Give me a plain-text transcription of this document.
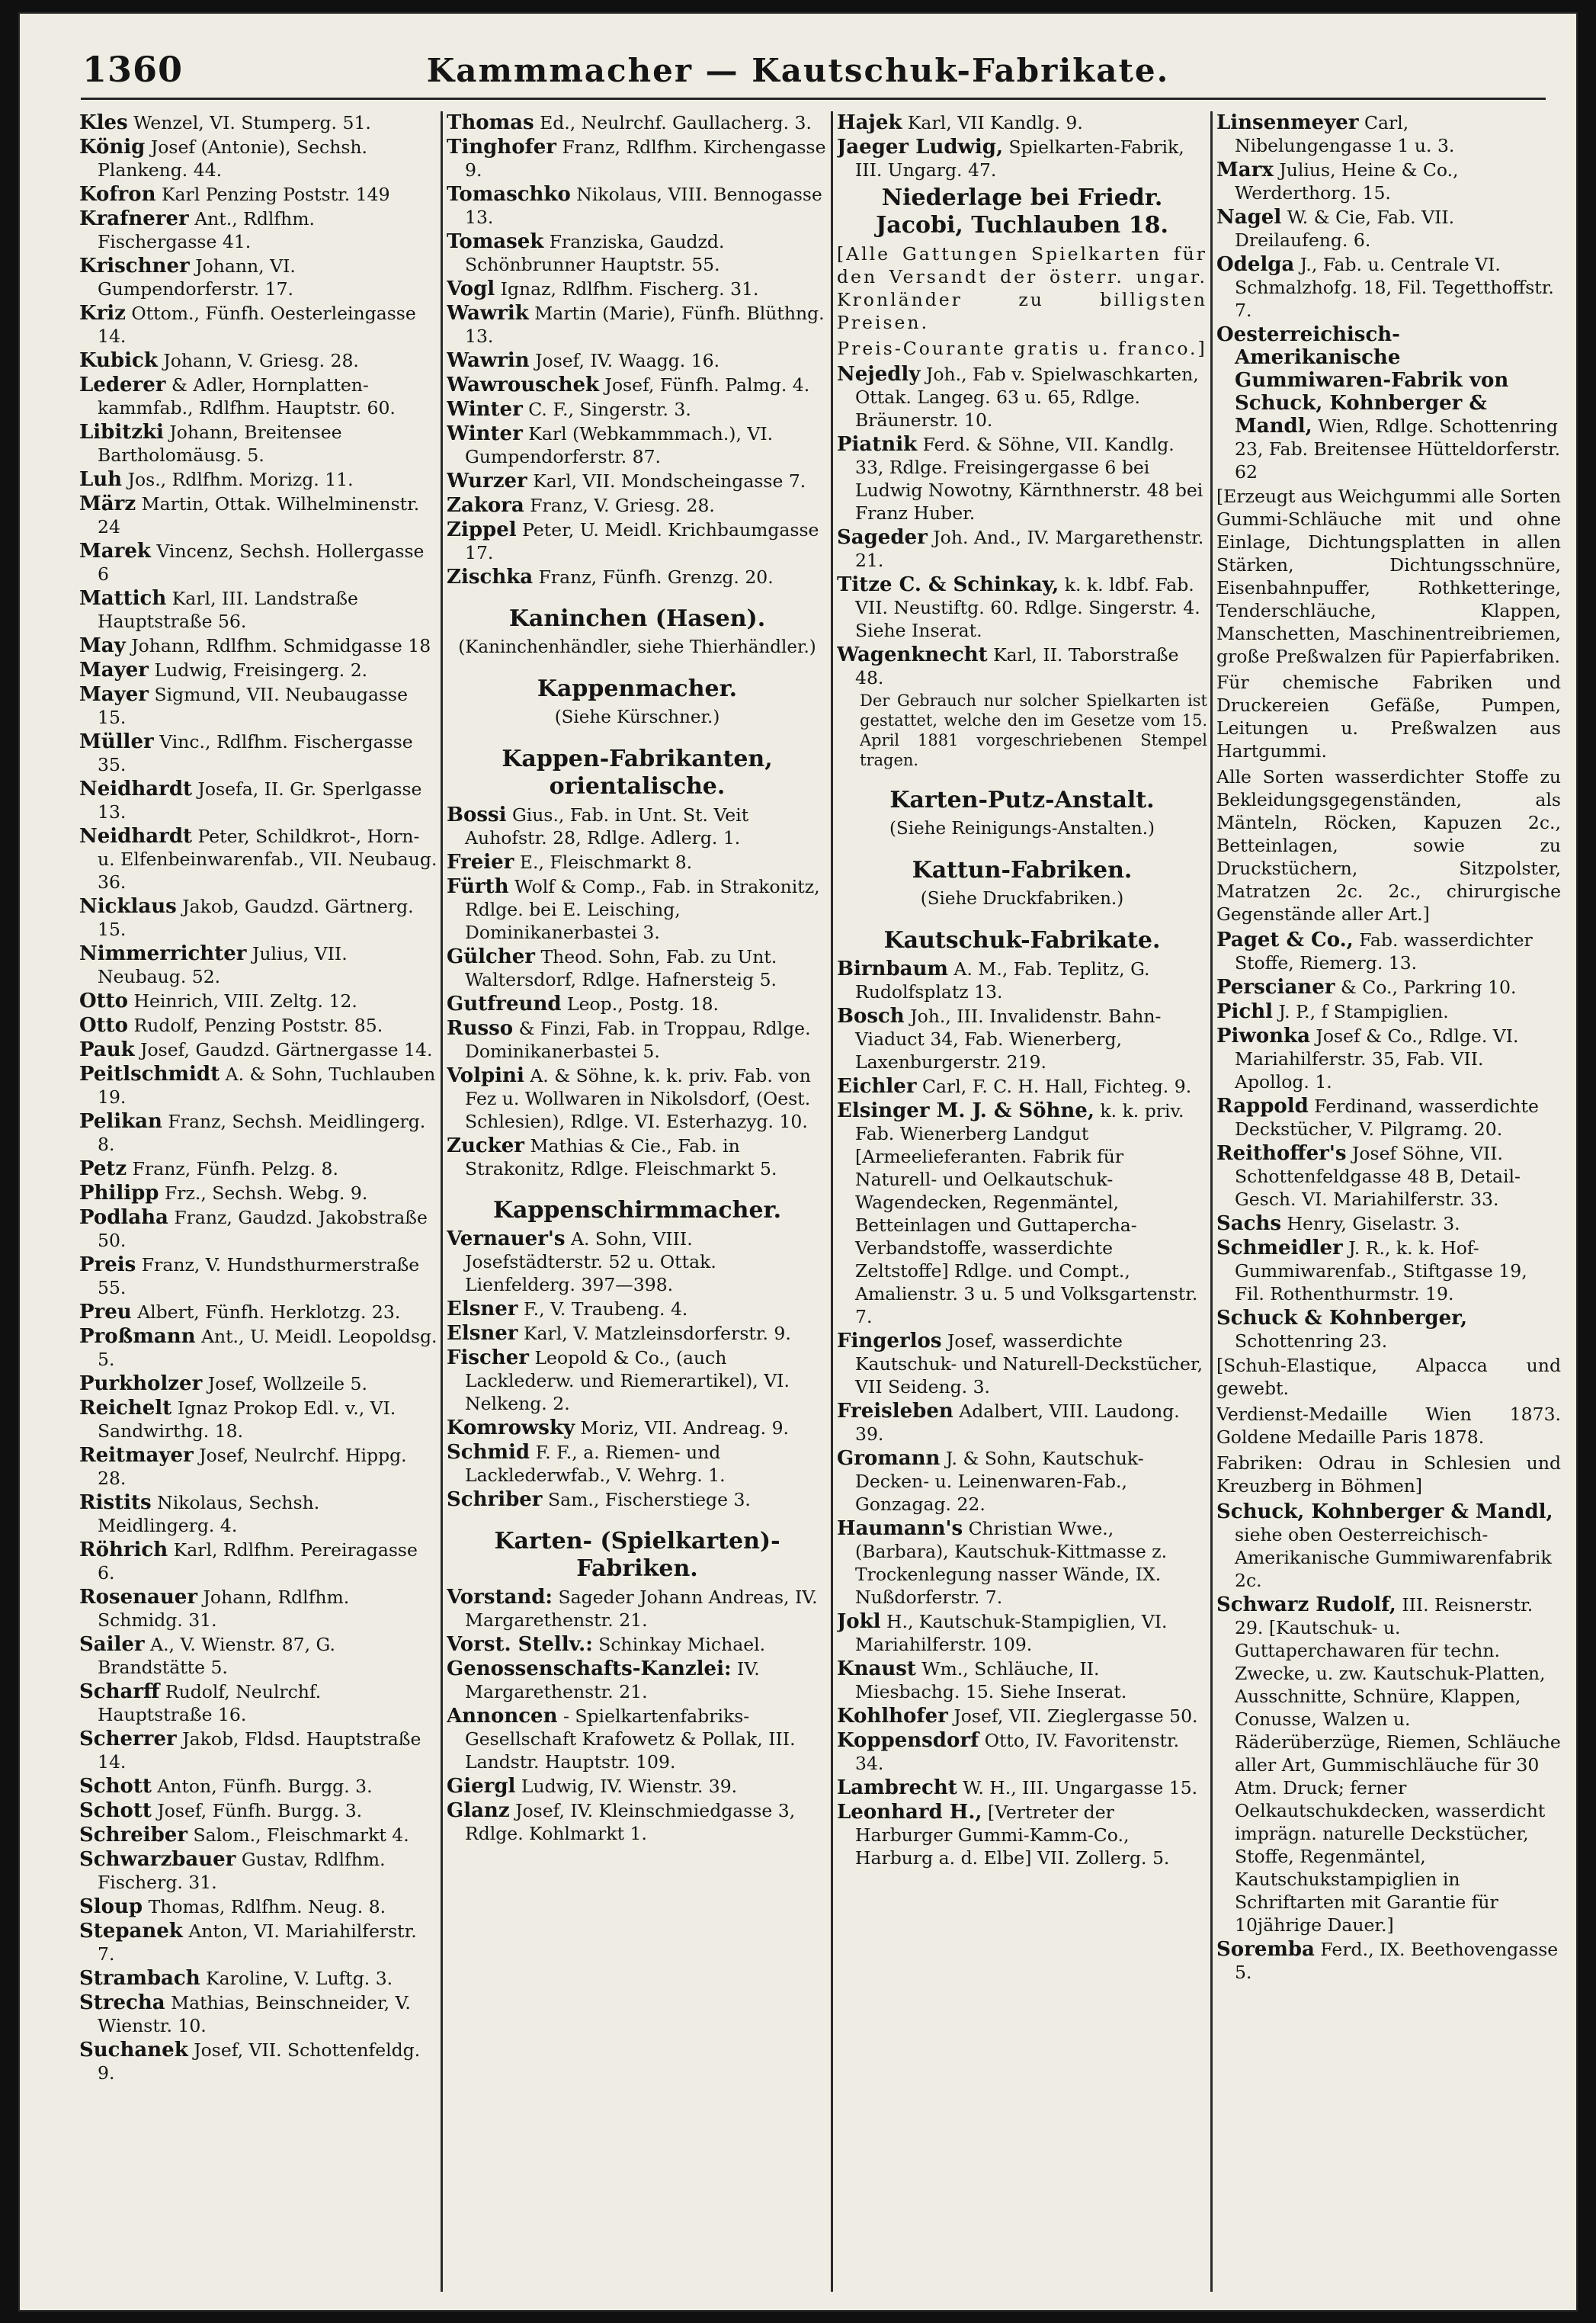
1360	Kammmacher — Kautschuk-Fabrikate.
Kles Wenzel, VI. Stumperg. 51.
König Josef (Antonie), Sechsh. Plankeng. 44.
Kofron Karl Penzing Poststr. 149
Krafnerer Ant., Rdlfhm. Fischergasse 41.
Krischner Johann, VI. Gumpendorferstr. 17.
Kriz Ottom., Fünfh. Oesterleingasse 14.
Kubick Johann, V. Griesg. 28.
Lederer & Adler, Hornplatten-kammfab., Rdlfhm. Hauptstr. 60.
Libitzki Johann, Breitensee Bartholomäusg. 5.
Luh Jos., Rdlfhm. Morizg. 11.
März Martin, Ottak. Wilhelminenstr. 24
Marek Vincenz, Sechsh. Hollergasse 6
Mattich Karl, III. Landstraße Hauptstraße 56.
May Johann, Rdlfhm. Schmidgasse 18
Mayer Ludwig, Freisingerg. 2.
Mayer Sigmund, VII. Neubaugasse 15.
Müller Vinc., Rdlfhm. Fischergasse 35.
Neidhardt Josefa, II. Gr. Sperlgasse 13.
Neidhardt Peter, Schildkrot-, Horn- u. Elfenbeinwarenfab., VII. Neubaug. 36.
Nicklaus Jakob, Gaudzd. Gärtnerg. 15.
Nimmerrichter Julius, VII. Neubaug. 52.
Otto Heinrich, VIII. Zeltg. 12.
Otto Rudolf, Penzing Poststr. 85.
Pauk Josef, Gaudzd. Gärtnergasse 14.
Peitlschmidt A. & Sohn, Tuchlauben 19.
Pelikan Franz, Sechsh. Meidlingerg. 8.
Petz Franz, Fünfh. Pelzg. 8.
Philipp Frz., Sechsh. Webg. 9.
Podlaha Franz, Gaudzd. Jakobstraße 50.
Preis Franz, V. Hundsthurmerstraße 55.
Preu Albert, Fünfh. Herklotzg. 23.
Proßmann Ant., U. Meidl. Leopoldsg. 5.
Purkholzer Josef, Wollzeile 5.
Reichelt Ignaz Prokop Edl. v., VI. Sandwirthg. 18.
Reitmayer Josef, Neulrchf. Hippg. 28.
Ristits Nikolaus, Sechsh. Meidlingerg. 4.
Röhrich Karl, Rdlfhm. Pereiragasse 6.
Rosenauer Johann, Rdlfhm. Schmidg. 31.
Sailer A., V. Wienstr. 87, G. Brandstätte 5.
Scharff Rudolf, Neulrchf. Hauptstraße 16.
Scherrer Jakob, Fldsd. Hauptstraße 14.
Schott Anton, Fünfh. Burgg. 3.
Schott Josef, Fünfh. Burgg. 3.
Schreiber Salom., Fleischmarkt 4.
Schwarzbauer Gustav, Rdlfhm. Fischerg. 31.
Sloup Thomas, Rdlfhm. Neug. 8.
Stepanek Anton, VI. Mariahilferstr. 7.
Strambach Karoline, V. Luftg. 3.
Strecha Mathias, Beinschneider, V. Wienstr. 10.
Suchanek Josef, VII. Schottenfeldg. 9.
Thomas Ed., Neulrchf. Gaullacherg. 3.
Tinghofer Franz, Rdlfhm. Kirchengasse 9.
Tomaschko Nikolaus, VIII. Bennogasse 13.
Tomasek Franziska, Gaudzd. Schönbrunner Hauptstr. 55.
Vogl Ignaz, Rdlfhm. Fischerg. 31.
Wawrik Martin (Marie), Fünfh. Blüthng. 13.
Wawrin Josef, IV. Waagg. 16.
Wawrouschek Josef, Fünfh. Palmg. 4.
Winter C. F., Singerstr. 3.
Winter Karl (Webkammmach.), VI. Gumpendorferstr. 87.
Wurzer Karl, VII. Mondscheingasse 7.
Zakora Franz, V. Griesg. 28.
Zippel Peter, U. Meidl. Krichbaumgasse 17.
Zischka Franz, Fünfh. Grenzg. 20.
Kaninchen (Hasen).
(Kaninchenhändler, siehe Thierhändler.)
Kappenmacher.
(Siehe Kürschner.)
Kappen-Fabrikanten, orientalische.
Bossi Gius., Fab. in Unt. St. Veit Auhofstr. 28, Rdlge. Adlerg. 1.
Freier E., Fleischmarkt 8.
Fürth Wolf & Comp., Fab. in Strakonitz, Rdlge. bei E. Leisching, Dominikanerbastei 3.
Gülcher Theod. Sohn, Fab. zu Unt. Waltersdorf, Rdlge. Hafnersteig 5.
Gutfreund Leop., Postg. 18.
Russo & Finzi, Fab. in Troppau, Rdlge. Dominikanerbastei 5.
Volpini A. & Söhne, k. k. priv. Fab. von Fez u. Wollwaren in Nikolsdorf, (Oest. Schlesien), Rdlge. VI. Esterhazyg. 10.
Zucker Mathias & Cie., Fab. in Strakonitz, Rdlge. Fleischmarkt 5.
Kappenschirmmacher.
Vernauer's A. Sohn, VIII. Josefstädterstr. 52 u. Ottak. Lienfelderg. 397—398.
Elsner F., V. Traubeng. 4.
Elsner Karl, V. Matzleinsdorferstr. 9.
Fischer Leopold & Co., (auch Lacklederw. und Riemerartikel), VI. Nelkeng. 2.
Komrowsky Moriz, VII. Andreag. 9.
Schmid F. F., a. Riemen- und Lacklederwfab., V. Wehrg. 1.
Schriber Sam., Fischerstiege 3.
Karten- (Spielkarten)- Fabriken.
Vorstand: Sageder Johann Andreas, IV. Margarethenstr. 21.
Vorst. Stellv.: Schinkay Michael.
Genossenschafts-Kanzlei: IV. Margarethenstr. 21.
Annoncen - Spielkartenfabriks-Gesellschaft Krafowetz & Pollak, III. Landstr. Hauptstr. 109.
Giergl Ludwig, IV. Wienstr. 39.
Glanz Josef, IV. Kleinschmiedgasse 3, Rdlge. Kohlmarkt 1.
Hajek Karl, VII Kandlg. 9.
Jaeger Ludwig, Spielkarten-Fabrik, III. Ungarg. 47.
Niederlage bei Friedr. Jacobi, Tuchlauben 18.
[Alle Gattungen Spielkarten für den Versandt der österr. ungar. Kronländer zu billigsten Preisen.
Preis-Courante gratis u. franco.]
Nejedly Joh., Fab v. Spielwaschkarten, Ottak. Langeg. 63 u. 65, Rdlge. Bräunerstr. 10.
Piatnik Ferd. & Söhne, VII. Kandlg. 33, Rdlge. Freisingergasse 6 bei Ludwig Nowotny, Kärnthnerstr. 48 bei Franz Huber.
Sageder Joh. And., IV. Margarethenstr. 21.
Titze C. & Schinkay, k. k. ldbf. Fab. VII. Neustiftg. 60. Rdlge. Singerstr. 4. Siehe Inserat.
Wagenknecht Karl, II. Taborstraße 48.
Der Gebrauch nur solcher Spielkarten ist gestattet, welche den im Gesetze vom 15. April 1881 vorgeschriebenen Stempel tragen.
Karten-Putz-Anstalt.
(Siehe Reinigungs-Anstalten.)
Kattun-Fabriken.
(Siehe Druckfabriken.)
Kautschuk-Fabrikate.
Birnbaum A. M., Fab. Teplitz, G. Rudolfsplatz 13.
Bosch Joh., III. Invalidenstr. Bahn-Viaduct 34, Fab. Wienerberg, Laxenburgerstr. 219.
Eichler Carl, F. C. H. Hall, Fichteg. 9.
Elsinger M. J. & Söhne, k. k. priv. Fab. Wienerberg Landgut [Armeelieferanten. Fabrik für Naturell- und Oelkautschuk-Wagendecken, Regenmäntel, Betteinlagen und Guttapercha-Verbandstoffe, wasserdichte Zeltstoffe] Rdlge. und Compt., Amalienstr. 3 u. 5 und Volksgartenstr. 7.
Fingerlos Josef, wasserdichte Kautschuk- und Naturell-Deckstücher, VII Seideng. 3.
Freisleben Adalbert, VIII. Laudong. 39.
Gromann J. & Sohn, Kautschuk-Decken- u. Leinenwaren-Fab., Gonzagag. 22.
Haumann's Christian Wwe., (Barbara), Kautschuk-Kittmasse z. Trockenlegung nasser Wände, IX. Nußdorferstr. 7.
Jokl H., Kautschuk-Stampiglien, VI. Mariahilferstr. 109.
Knaust Wm., Schläuche, II. Miesbachg. 15. Siehe Inserat.
Kohlhofer Josef, VII. Zieglergasse 50.
Koppensdorf Otto, IV. Favoritenstr. 34.
Lambrecht W. H., III. Ungargasse 15.
Leonhard H., [Vertreter der Harburger Gummi-Kamm-Co., Harburg a. d. Elbe] VII. Zollerg. 5.
Linsenmeyer Carl, Nibelungengasse 1 u. 3.
Marx Julius, Heine & Co., Werderthorg. 15.
Nagel W. & Cie, Fab. VII. Dreilaufeng. 6.
Odelga J., Fab. u. Centrale VI. Schmalzhofg. 18, Fil. Tegetthoffstr. 7.
Oesterreichisch-Amerikanische Gummiwaren-Fabrik von Schuck, Kohnberger & Mandl, Wien, Rdlge. Schottenring 23, Fab. Breitensee Hütteldorferstr. 62
[Erzeugt aus Weichgummi alle Sorten Gummi-Schläuche mit und ohne Einlage, Dichtungsplatten in allen Stärken, Dichtungsschnüre, Eisenbahnpuffer, Rothketteringe, Tenderschläuche, Klappen, Manschetten, Maschinentreibriemen, große Preßwalzen für Papierfabriken.
Für chemische Fabriken und Druckereien Gefäße, Pumpen, Leitungen u. Preßwalzen aus Hartgummi.
Alle Sorten wasserdichter Stoffe zu Bekleidungsgegenständen, als Mänteln, Röcken, Kapuzen 2c., Betteinlagen, sowie zu Druckstüchern, Sitzpolster, Matratzen 2c. 2c., chirurgische Gegenstände aller Art.]
Paget & Co., Fab. wasserdichter Stoffe, Riemerg. 13.
Perscianer & Co., Parkring 10.
Pichl J. P., f Stampiglien.
Piwonka Josef & Co., Rdlge. VI. Mariahilferstr. 35, Fab. VII. Apollog. 1.
Rappold Ferdinand, wasserdichte Deckstücher, V. Pilgramg. 20.
Reithoffer's Josef Söhne, VII. Schottenfeldgasse 48 B, Detail-Gesch. VI. Mariahilferstr. 33.
Sachs Henry, Giselastr. 3.
Schmeidler J. R., k. k. Hof-Gummiwarenfab., Stiftgasse 19, Fil. Rothenthurmstr. 19.
Schuck & Kohnberger, Schottenring 23.
[Schuh-Elastique, Alpacca und gewebt.
Verdienst-Medaille Wien 1873. Goldene Medaille Paris 1878.
Fabriken: Odrau in Schlesien und Kreuzberg in Böhmen]
Schuck, Kohnberger & Mandl, siehe oben Oesterreichisch-Amerikanische Gummiwarenfabrik 2c.
Schwarz Rudolf, III. Reisnerstr. 29. [Kautschuk- u. Guttaperchawaren für techn. Zwecke, u. zw. Kautschuk-Platten, Ausschnitte, Schnüre, Klappen, Conusse, Walzen u. Räderüberzüge, Riemen, Schläuche aller Art, Gummischläuche für 30 Atm. Druck; ferner Oelkautschukdecken, wasserdicht imprägn. naturelle Deckstücher, Stoffe, Regenmäntel, Kautschukstampiglien in Schriftarten mit Garantie für 10jährige Dauer.]
Soremba Ferd., IX. Beethovengasse 5.
